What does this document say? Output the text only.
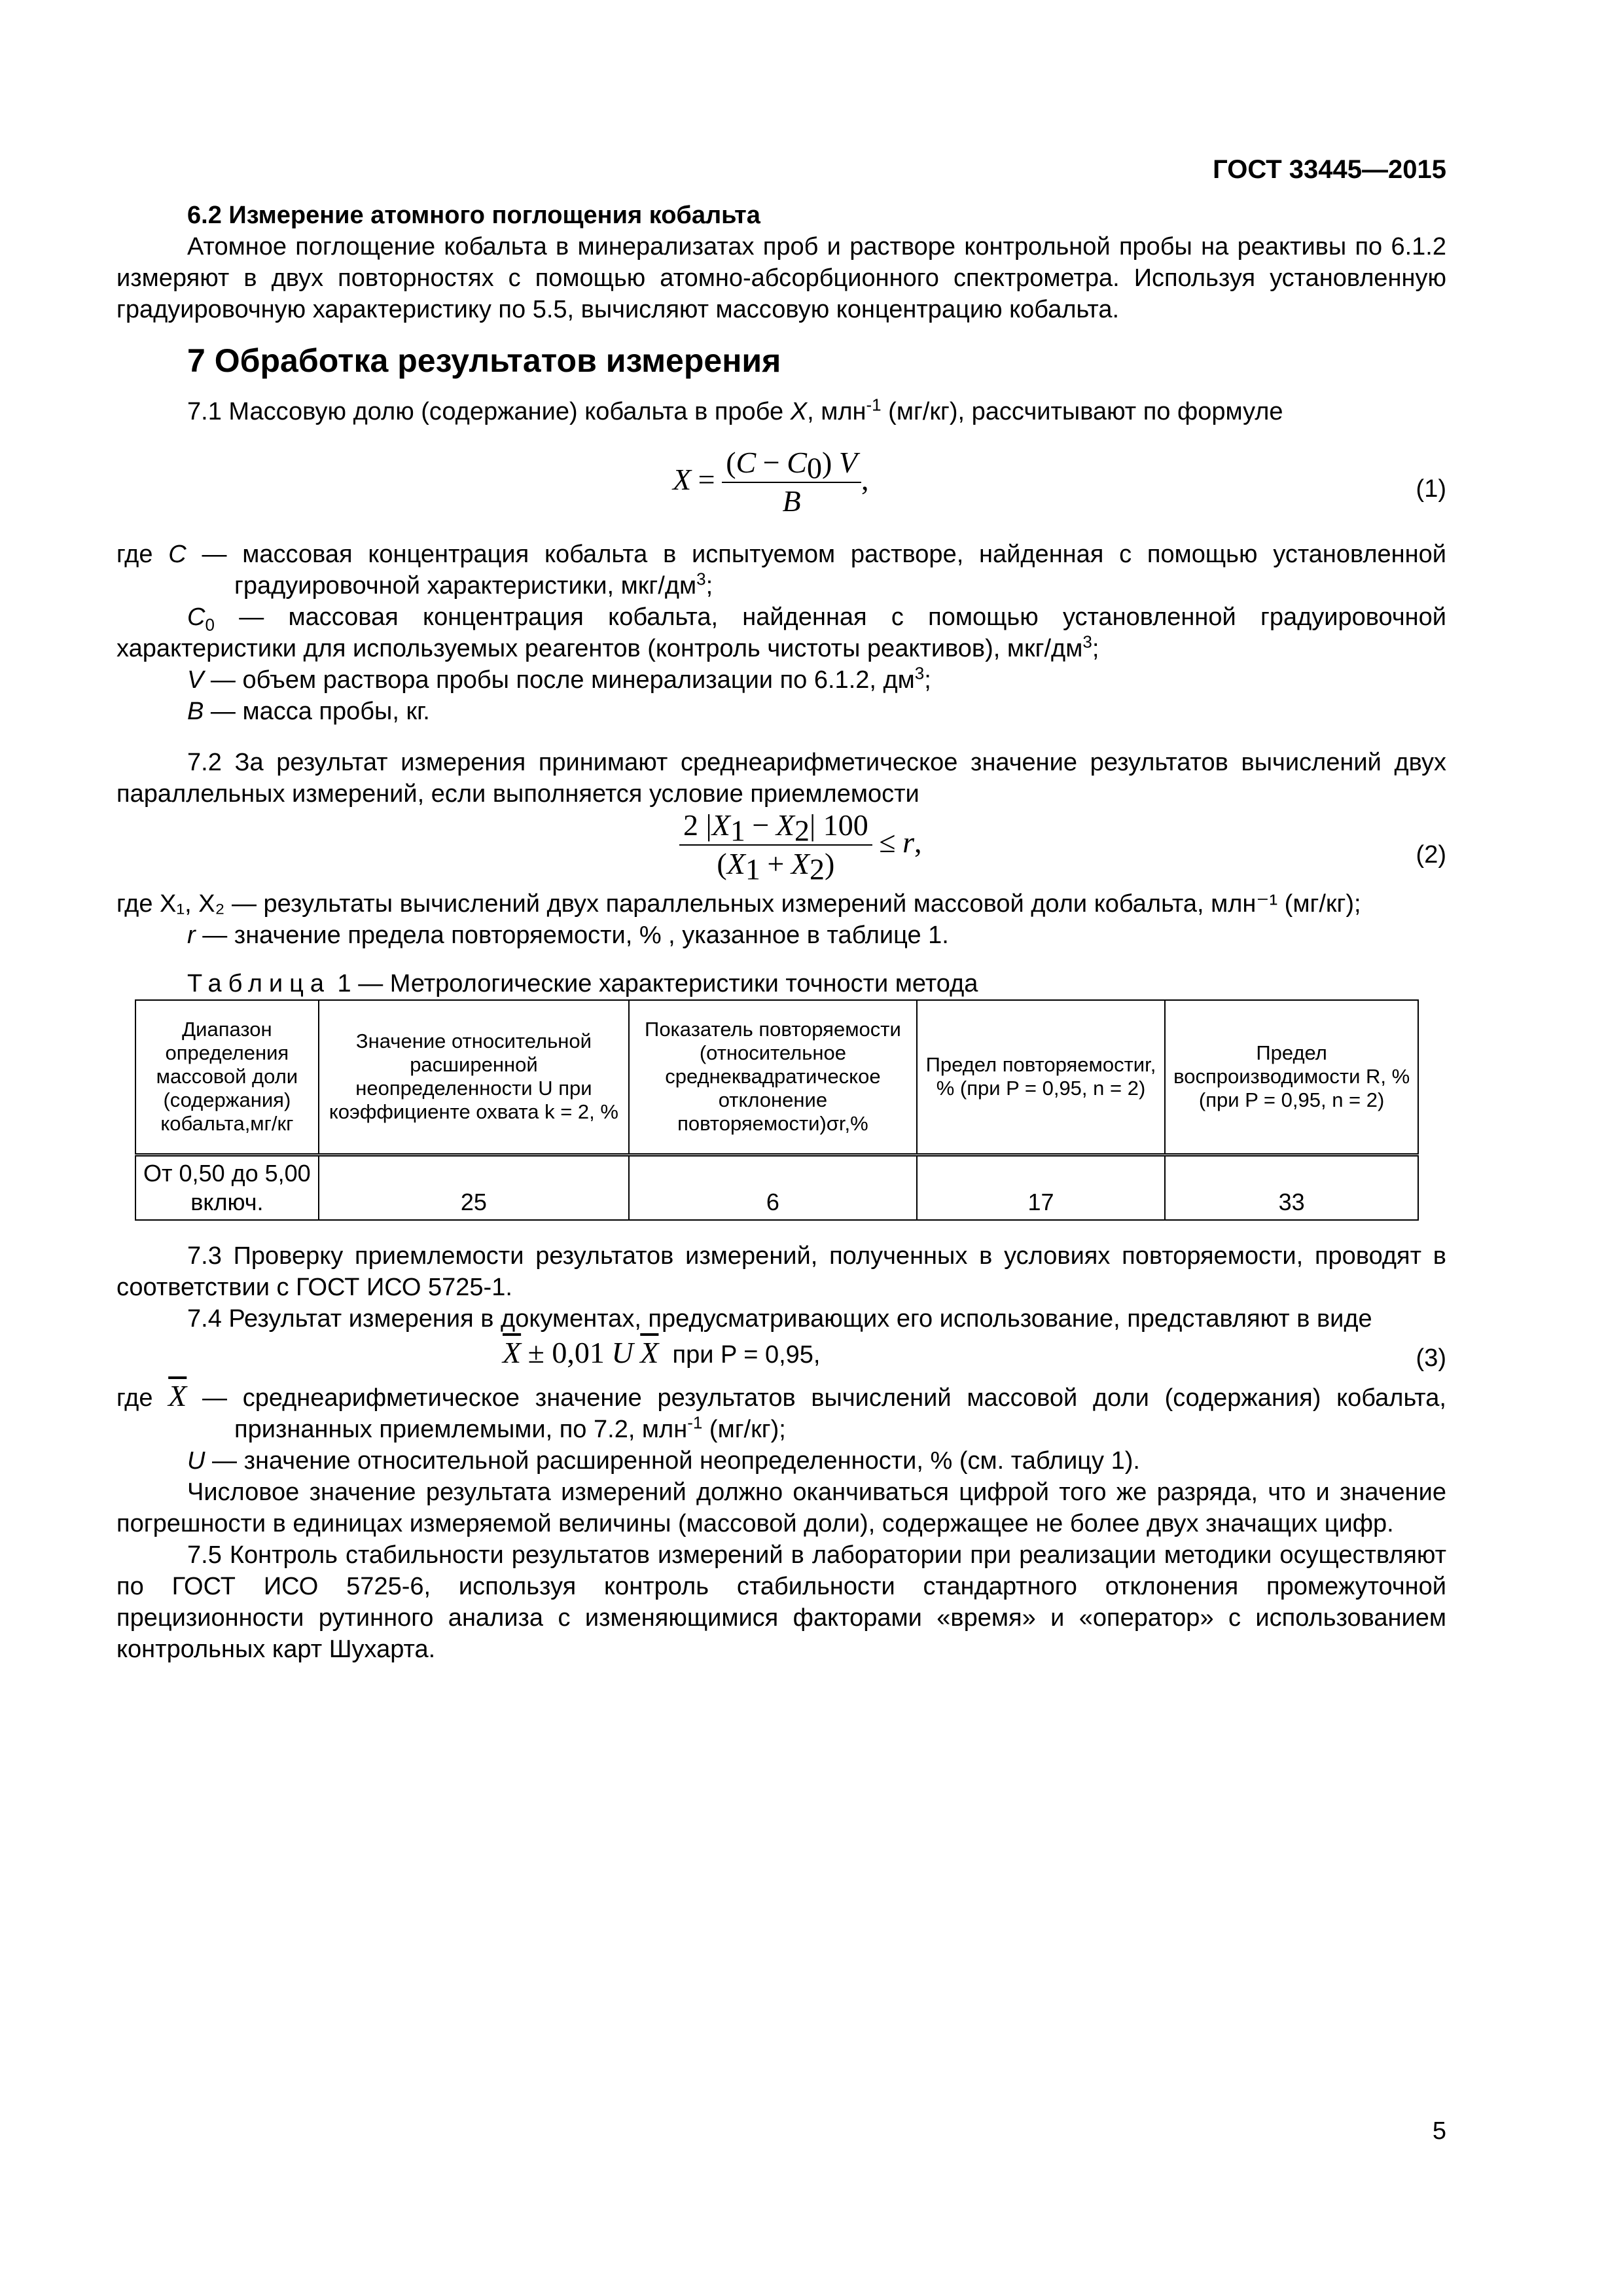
ГОСТ 33445—2015
6.2 Измерение атомного поглощения кобальта

Атомное поглощение кобальта в минерализатах проб и растворе контрольной пробы на реактивы по 6.1.2 измеряют в двух повторностях с помощью атомно-абсорбционного спектрометра. Используя установленную градуировочную характеристику по 5.5, вычисляют массовую концентрацию кобальта.

7 Обработка результатов измерения

7.1 Массовую долю (содержание) кобальта в пробе X, млн$^{-1}$ (мг/кг), рассчитывают по формуле

$X = \frac{(C - C_0) V}{B}$ ,	(1)

где С — массовая концентрация кобальта в испытуемом растворе, найденная с помощью установленной градуировочной характеристики, мкг/$дм^3$;

$С_0$ — массовая концентрация кобальта, найденная с помощью установленной градуировочной характеристики для используемых реагентов (контроль чистоты реактивов), мкг/$дм^3$;

V — объем раствора пробы после минерализации по 6.1.2, $дм^3$;

В — масса пробы, кг.

7.2 За результат измерения принимают среднеарифметическое значение результатов вычислений двух параллельных измерений, если выполняется условие приемлемости

$\frac{2 |X_1 - X_2| 100}{(X_1 + X_2)} \le r$,	(2)

где X₁, X₂ — результаты вычислений двух параллельных измерений массовой доли кобальта, млн⁻¹ (мг/кг);

r — значение предела повторяемости, % , указанное в таблице 1.

Таблица 1 — Метрологические характеристики точности метода
Диапазон определения массовой доли (содержания) кобальта,мг/кг	Значение относительной расширенной неопределенности U при коэффициенте охвата k = 2, %	Показатель повторяемости (относительное среднеквадратическое отклонение повторяемости)σr,%	Предел повторяемостиr, % (при P = 0,95, n = 2)	Предел воспроизводимости R, % (при P = 0,95, n = 2)
От 0,50 до 5,00 включ.	25	6	17	33

7.3 Проверку приемлемости результатов измерений, полученных в условиях повторяемости, проводят в соответствии с ГОСТ ИСО 5725-1.

7.4 Результат измерения в документах, предусматривающих его использование, представляют в виде

$\overline{X} \pm 0,01$ U $\overline{X}$ при P = 0,95,	(3)

где $\overline{X}$ — среднеарифметическое значение результатов вычислений массовой доли (содержания) кобальта, признанных приемлемыми, по 7.2, млн$^{-1}$ (мг/кг);

U — значение относительной расширенной неопределенности, % (см. таблицу 1).

Числовое значение результата измерений должно оканчиваться цифрой того же разряда, что и значение погрешности в единицах измеряемой величины (массовой доли), содержащее не более двух значащих цифр.

7.5 Контроль стабильности результатов измерений в лаборатории при реализации методики осуществляют по ГОСТ ИСО 5725-6, используя контроль стабильности стандартного отклонения промежуточной прецизионности рутинного анализа с изменяющимися факторами «время» и «оператор» с использованием контрольных карт Шухарта.

5
